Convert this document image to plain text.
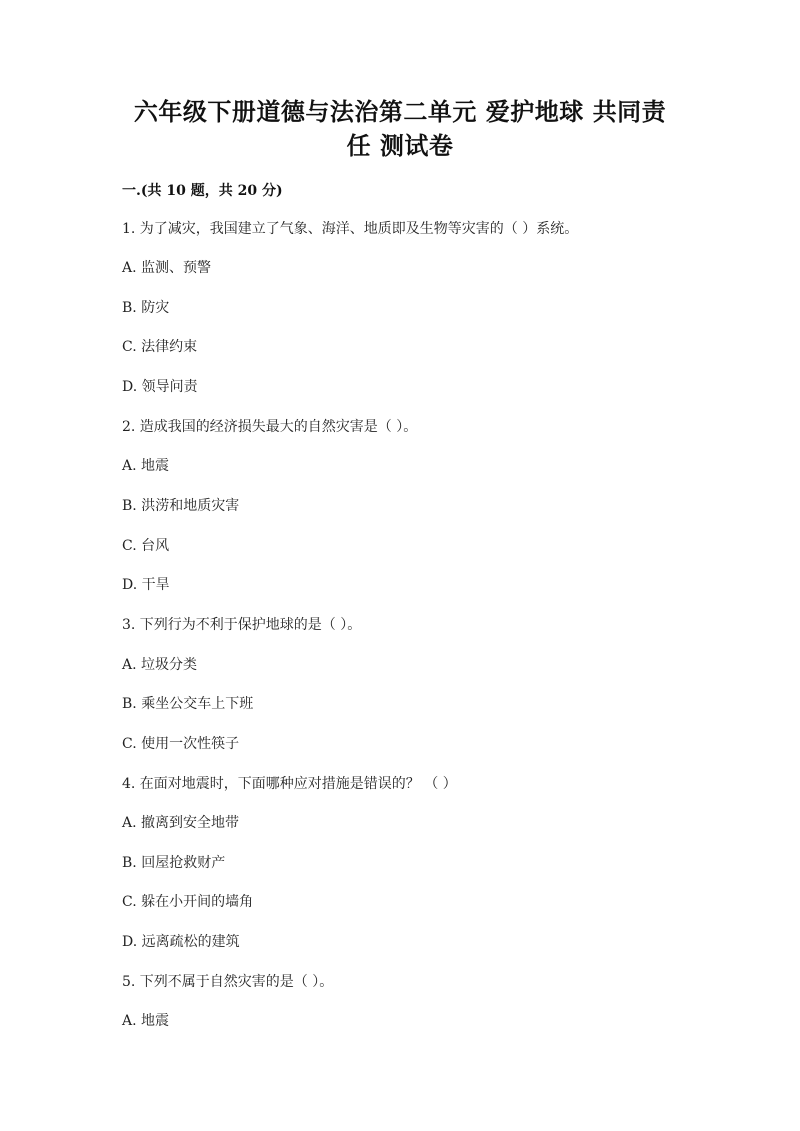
六年级下册道德与法治第二单元 爱护地球 共同责
任 测试卷
一.(共 10 题，共 20 分)
1. 为了减灾，我国建立了气象、海洋、地质即及生物等灾害的（ ）系统。
A. 监测、预警
B. 防灾
C. 法律约束
D. 领导问责
2. 造成我国的经济损失最大的自然灾害是（ ）。
A. 地震
B. 洪涝和地质灾害
C. 台风
D. 干旱
3. 下列行为不利于保护地球的是（ ）。
A. 垃圾分类
B. 乘坐公交车上下班
C. 使用一次性筷子
4. 在面对地震时，下面哪种应对措施是错误的？ （ ）
A. 撤离到安全地带
B. 回屋抢救财产
C. 躲在小开间的墙角
D. 远离疏松的建筑
5. 下列不属于自然灾害的是（ ）。
A. 地震
